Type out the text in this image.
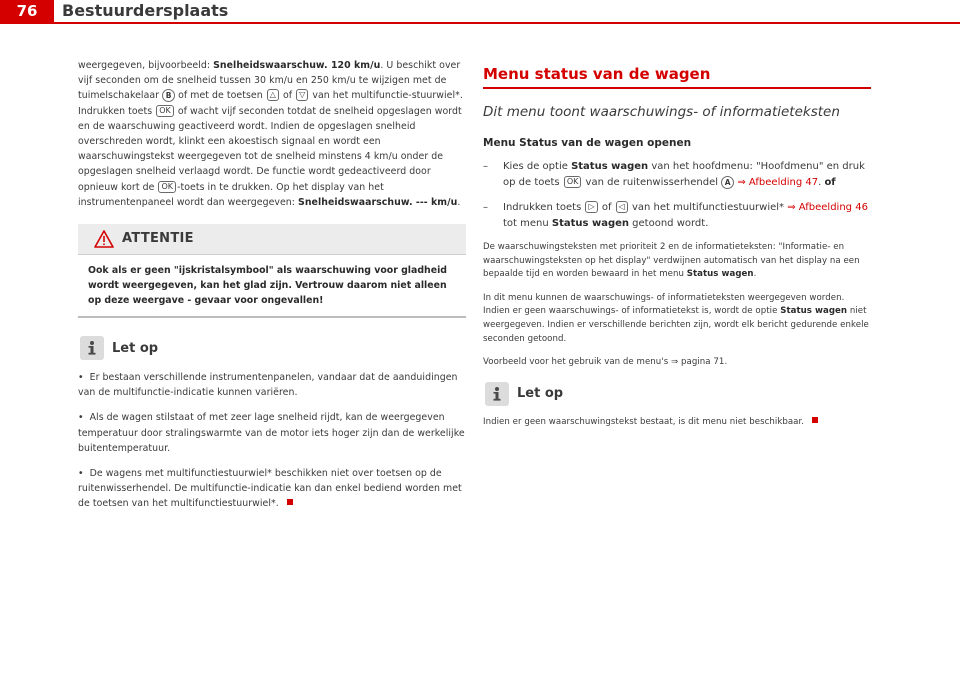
76	Bestuurdersplaats

weergegeven, bijvoorbeeld: Snelheidswaarschuw. 120 km/u. U beschikt over vijf seconden om de snelheid tussen 30 km/u en 250 km/u te wijzigen met de tuimelschakelaar B of met de toetsen △ of ▽ van het multifunctie-stuurwiel*. Indrukken toets OK of wacht vijf seconden totdat de snelheid opgeslagen wordt en de waarschuwing geactiveerd wordt. Indien de opgeslagen snelheid overschreden wordt, klinkt een akoestisch signaal en wordt een waarschuwingstekst weergegeven tot de snelheid minstens 4 km/u onder de opgeslagen snelheid verlaagd wordt. De functie wordt gedeactiveerd door opnieuw kort de OK -toets in te drukken. Op het display van het instrumentenpaneel wordt dan weergegeven: Snelheidswaarschuw. --- km/u.

ATTENTIE
Ook als er geen "ijskristalsymbool" als waarschuwing voor gladheid wordt weergegeven, kan het glad zijn. Vertrouw daarom niet alleen op deze weergave - gevaar voor ongevallen!
Let op

• Er bestaan verschillende instrumentenpanelen, vandaar dat de aanduidingen van de multifunctie-indicatie kunnen variëren.

• Als de wagen stilstaat of met zeer lage snelheid rijdt, kan de weergegeven temperatuur door stralingswarmte van de motor iets hoger zijn dan de werkelijke buitentemperatuur.

• De wagens met multifunctiestuurwiel* beschikken niet over toetsen op de ruitenwisserhendel. De multifunctie-indicatie kan dan enkel bediend worden met de toetsen van het multifunctiestuurwiel*.

Menu status van de wagen
Dit menu toont waarschuwings- of informatieteksten
Menu Status van de wagen openen
–	Kies de optie Status wagen van het hoofdmenu: "Hoofdmenu" en druk op de toets OK van de ruitenwisserhendel A ⇒ Afbeelding 47. of
–	Indrukken toets ▷ of ◁ van het multifunctiestuurwiel* ⇒ Afbeelding 46 tot menu Status wagen getoond wordt.

De waarschuwingsteksten met prioriteit 2 en de informatieteksten: "Informatie- en waarschuwingsteksten op het display" verdwijnen automatisch van het display na een bepaalde tijd en worden bewaard in het menu Status wagen.

In dit menu kunnen de waarschuwings- of informatieteksten weergegeven worden. Indien er geen waarschuwings- of informatietekst is, wordt de optie Status wagen niet weergegeven. Indien er verschillende berichten zijn, wordt elk bericht gedurende enkele seconden getoond.

Voorbeeld voor het gebruik van de menu's ⇒ pagina 71.

Let op

Indien er geen waarschuwingstekst bestaat, is dit menu niet beschikbaar.
